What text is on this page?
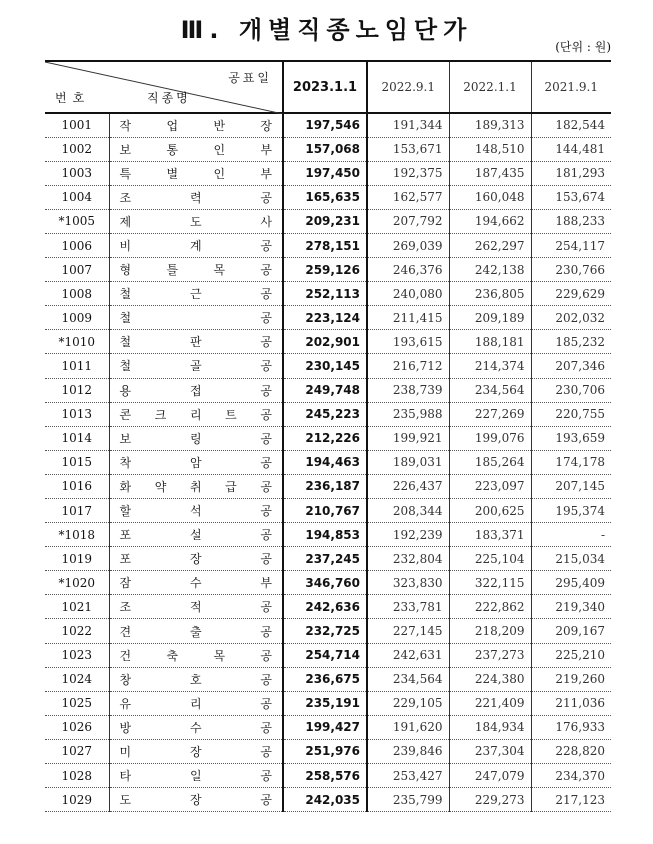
Ⅲ. 개별직종노임단가
(단위 : 원)
공표일
번호 직종명		2023.1.1	2022.9.1	2022.1.1	2021.9.1
1001	작 업 반 장	197,546	191,344	189,313	182,544
1002	보 통 인 부	157,068	153,671	148,510	144,481
1003	특 별 인 부	197,450	192,375	187,435	181,293
1004	조 력 공	165,635	162,577	160,048	153,674
*1005	제 도 사	209,231	207,792	194,662	188,233
1006	비 계 공	278,151	269,039	262,297	254,117
1007	형 틀 목 공	259,126	246,376	242,138	230,766
1008	철 근 공	252,113	240,080	236,805	229,629
1009	철 공	223,124	211,415	209,189	202,032
*1010	철 판 공	202,901	193,615	188,181	185,232
1011	철 골 공	230,145	216,712	214,374	207,346
1012	용 접 공	249,748	238,739	234,564	230,706
1013	콘 크 리 트 공	245,223	235,988	227,269	220,755
1014	보 링 공	212,226	199,921	199,076	193,659
1015	착 암 공	194,463	189,031	185,264	174,178
1016	화 약 취 급 공	236,187	226,437	223,097	207,145
1017	할 석 공	210,767	208,344	200,625	195,374
*1018	포 설 공	194,853	192,239	183,371	-
1019	포 장 공	237,245	232,804	225,104	215,034
*1020	잠 수 부	346,760	323,830	322,115	295,409
1021	조 적 공	242,636	233,781	222,862	219,340
1022	견 출 공	232,725	227,145	218,209	209,167
1023	건 축 목 공	254,714	242,631	237,273	225,210
1024	창 호 공	236,675	234,564	224,380	219,260
1025	유 리 공	235,191	229,105	221,409	211,036
1026	방 수 공	199,427	191,620	184,934	176,933
1027	미 장 공	251,976	239,846	237,304	228,820
1028	타 일 공	258,576	253,427	247,079	234,370
1029	도 장 공	242,035	235,799	229,273	217,123
